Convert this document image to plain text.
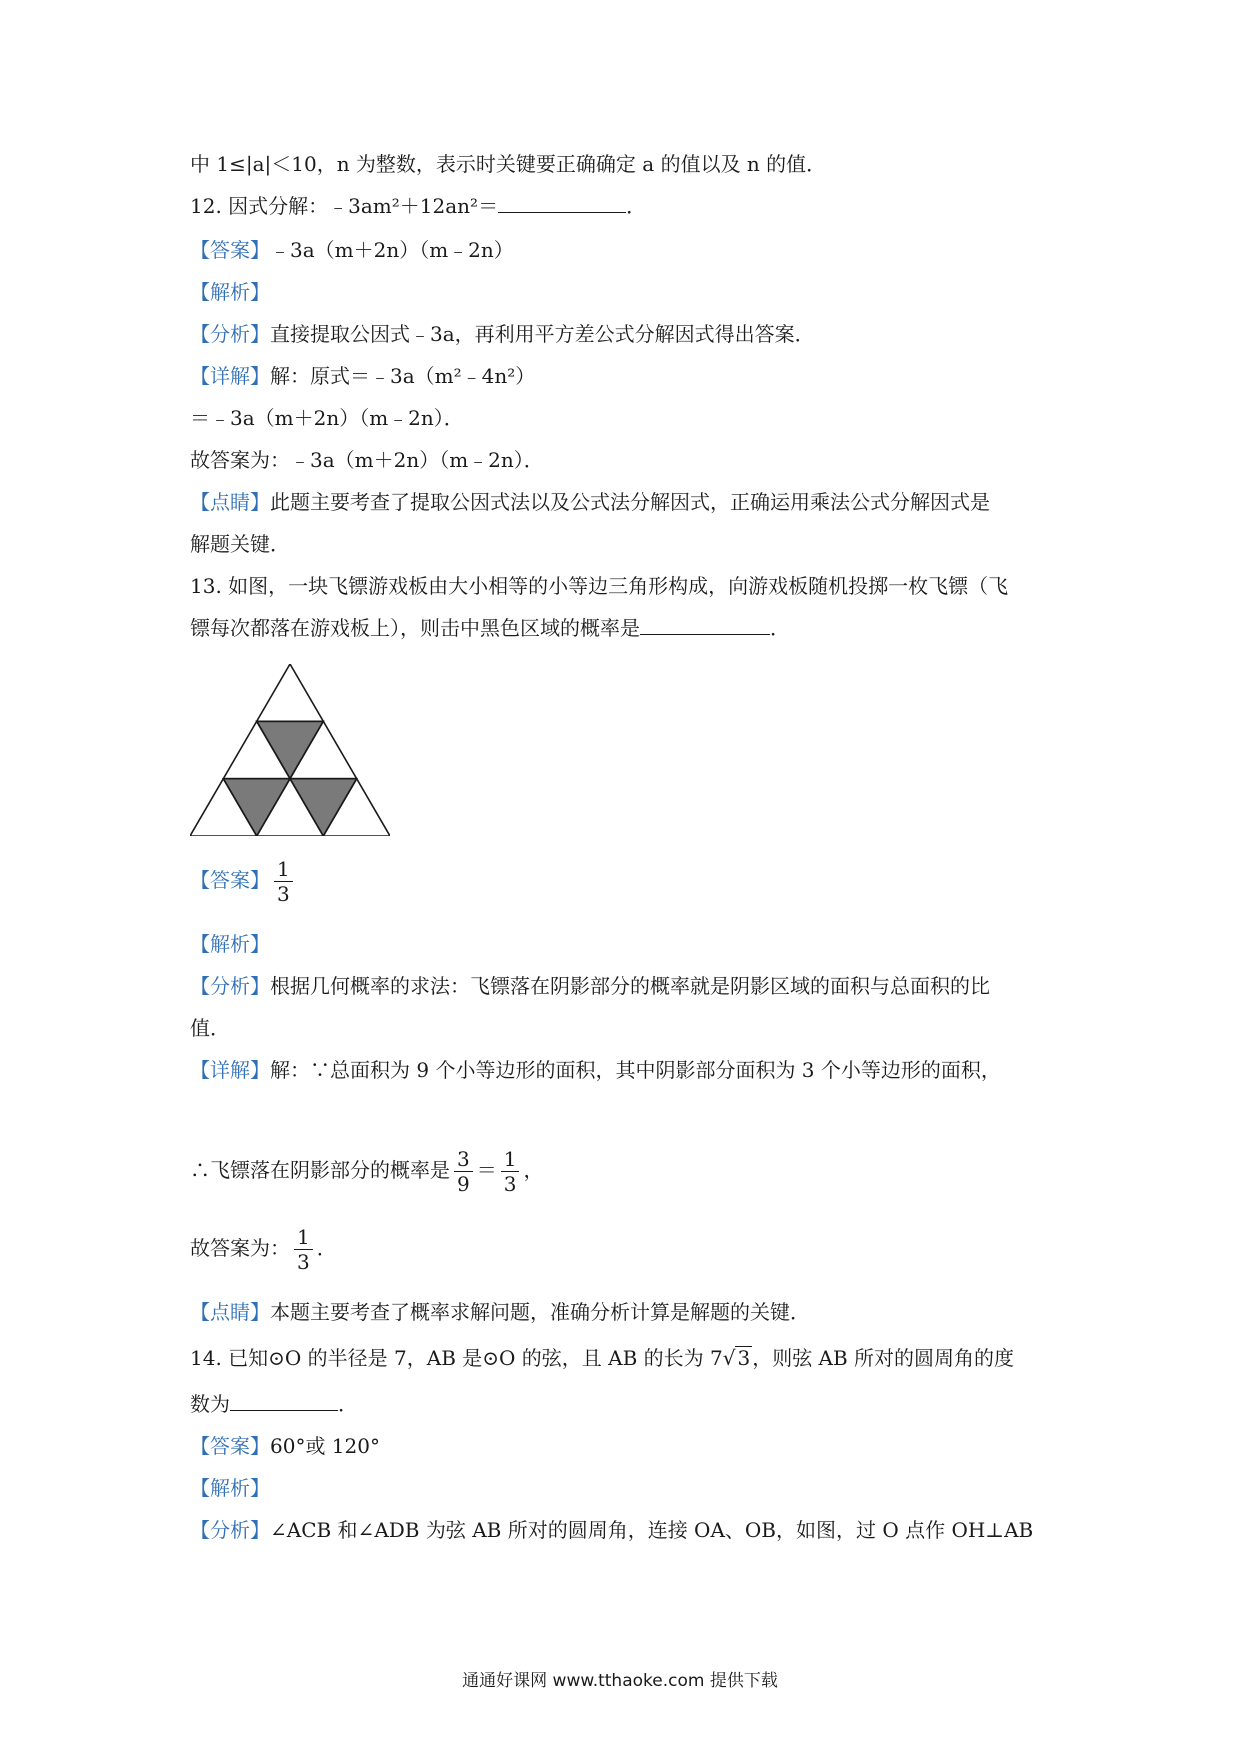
中 1≤|a|＜10，n 为整数，表示时关键要正确确定 a 的值以及 n 的值．
12. 因式分解：﹣3am²＋12an²＝	．
【答案】﹣3a（m＋2n）（m﹣2n）
【解析】
【分析】直接提取公因式﹣3a，再利用平方差公式分解因式得出答案．
【详解】解：原式＝﹣3a（m²﹣4n²）
＝﹣3a（m＋2n）（m﹣2n）．
故答案为：﹣3a（m＋2n）（m﹣2n）．
【点睛】此题主要考查了提取公因式法以及公式法分解因式，正确运用乘法公式分解因式是
解题关键．
13. 如图，一块飞镖游戏板由大小相等的小等边三角形构成，向游戏板随机投掷一枚飞镖（飞
镖每次都落在游戏板上），则击中黑色区域的概率是	．
【答案】 $\frac{1}{3}$
【解析】
【分析】根据几何概率的求法：飞镖落在阴影部分的概率就是阴影区域的面积与总面积的比
值．
【详解】解：∵总面积为 9 个小等边形的面积，其中阴影部分面积为 3 个小等边形的面积，
∴飞镖落在阴影部分的概率是 $\frac{3}{9} = \frac{1}{3}$ ，
故答案为： $\frac{1}{3}$ ．
【点睛】本题主要考查了概率求解问题，准确分析计算是解题的关键．
14. 已知⊙O 的半径是 7，AB 是⊙O 的弦，且 AB 的长为 7√ 3 ，则弦 AB 所对的圆周角的度
数为	．
【答案】60°或 120°
【解析】
【分析】∠ACB 和∠ADB 为弦 AB 所对的圆周角，连接 OA、OB，如图，过 O 点作 OH⊥AB
通通好课网 www.tthaoke.com 提供下载
